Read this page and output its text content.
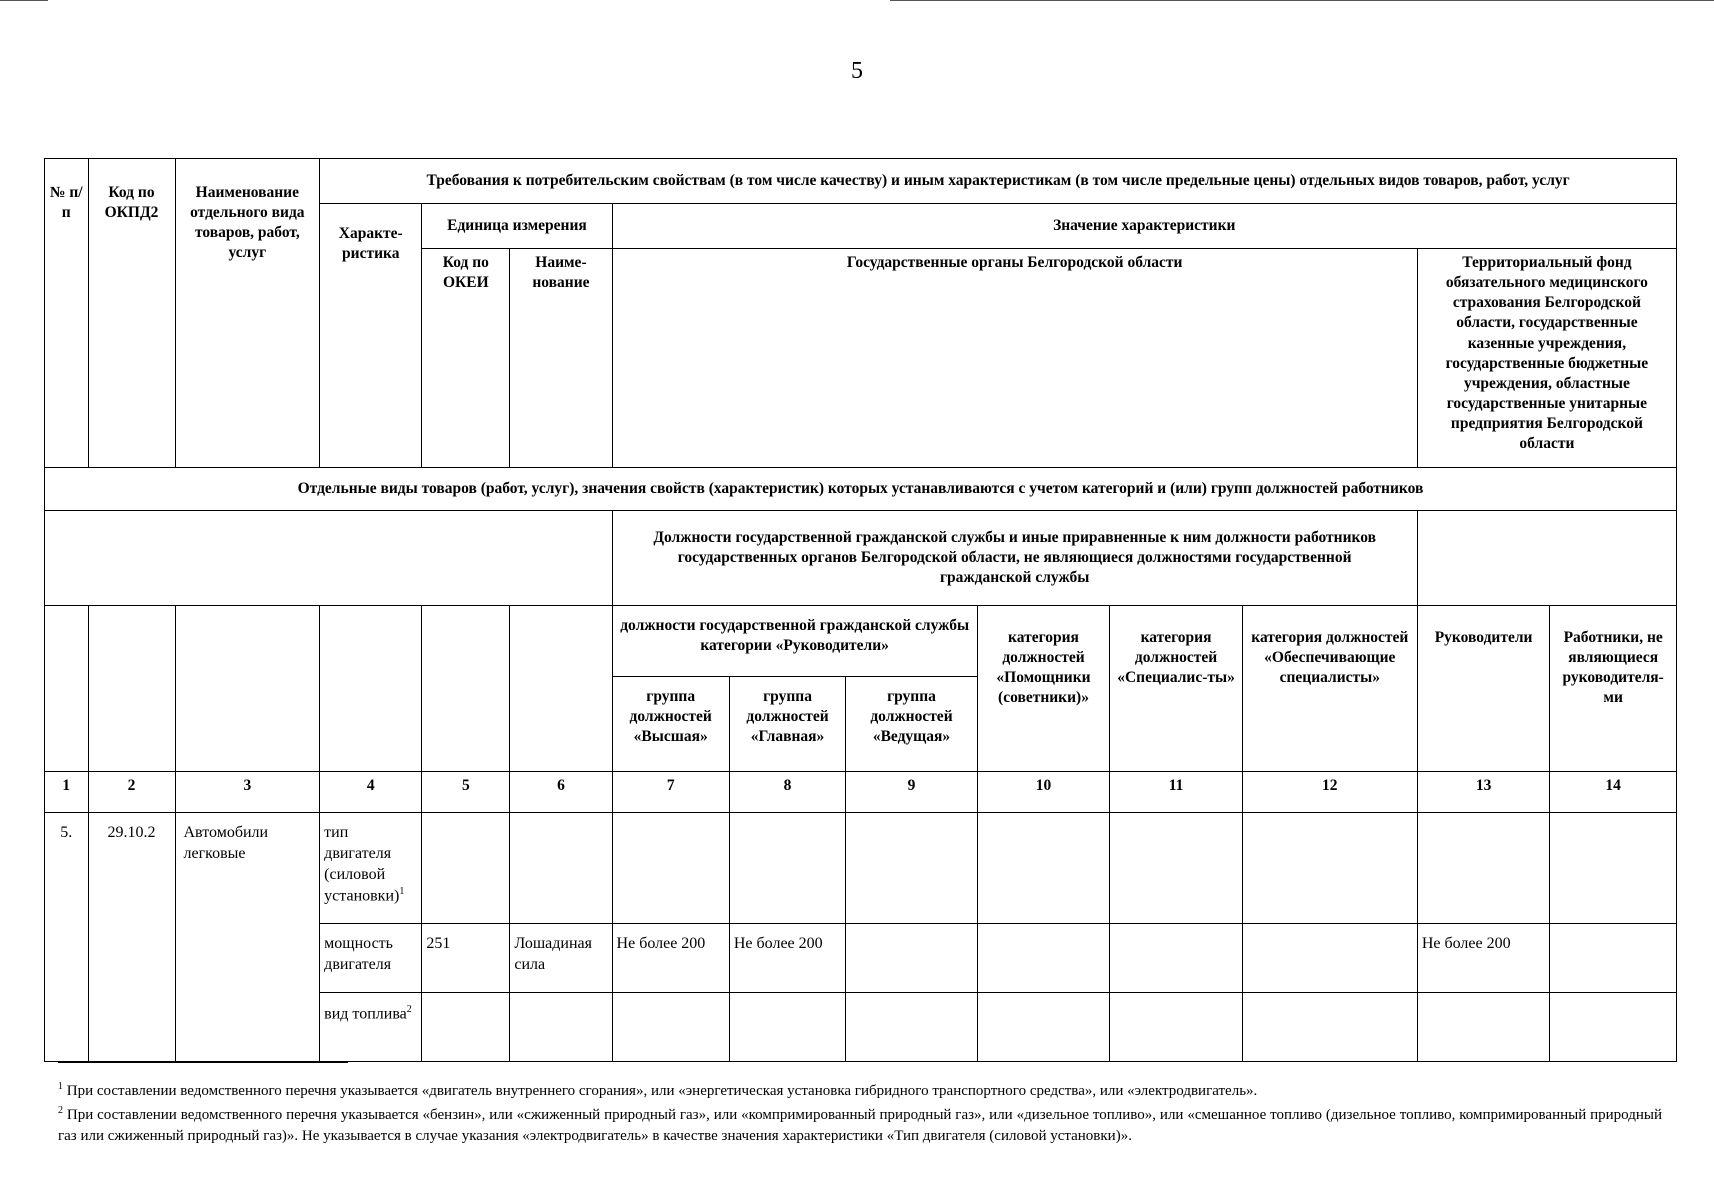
5
№ п/п	Код по ОКПД2	Наименование отдельного вида товаров, работ, услуг	Требования к потребительским свойствам (в том числе качеству) и иным характеристикам (в том числе предельные цены) отдельных видов товаров, работ, услуг										
			Характе-ристика	Единица измерения		Значение характеристики							
				Код по ОКЕИ	Наиме-нование	Государственные органы Белгородской области						Территориальный фонд обязательного медицинского страхования Белгородской области, государственные казенные учреждения, государственные бюджетные учреждения, областные государственные унитарные предприятия Белгородской области	
Отдельные виды товаров (работ, услуг), значения свойств (характеристик) которых устанавливаются с учетом категорий и (или) групп должностей работников													

						Должности государственной гражданской службы и иные приравненные к ним должности работников государственных органов Белгородской области, не являющиеся должностями государственной гражданской службы							

						должности государственной гражданской службы категории «Руководители»			категория должностей «Помощники (советники)»	категория должностей «Специалис-ты»	категория должностей «Обеспечивающие специалисты»	Руководители	Работники, не являющиеся руководителя-ми
						группа должностей «Высшая»	группа должностей «Главная»	группа должностей «Ведущая»					
1	2	3	4	5	6	7	8	9	10	11	12	13	14
5.	29.10.2	Автомобили легковые	тип двигателя (силовой установки)$^1$										
			мощность двигателя	251	Лошадиная сила	Не более 200	Не более 200					Не более 200	
			вид топлива$^2$										

$^1$ При составлении ведомственного перечня указывается «двигатель внутреннего сгорания», или «энергетическая установка гибридного транспортного средства», или «электродвигатель».

$^2$ При составлении ведомственного перечня указывается «бензин», или «сжиженный природный газ», или «компримированный природный газ», или «дизельное топливо», или «смешанное топливо (дизельное топливо, компримированный природный газ или сжиженный природный газ)». Не указывается в случае указания «электродвигатель» в качестве значения характеристики «Тип двигателя (силовой установки)».
